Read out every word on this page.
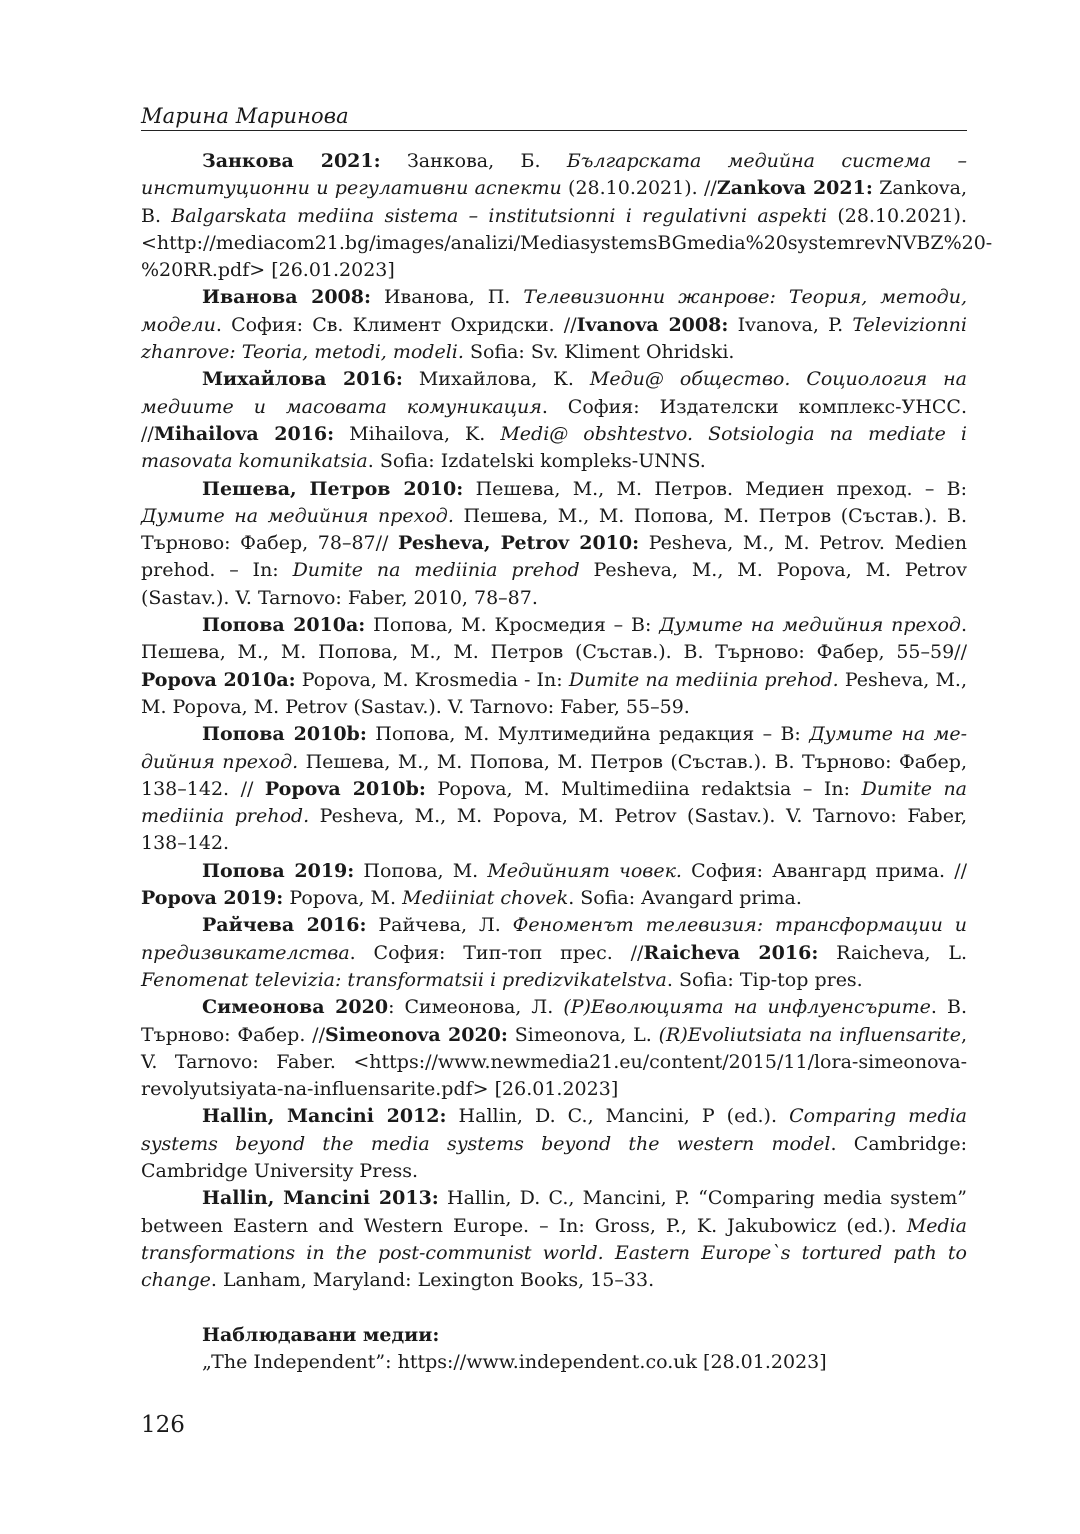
Марина Маринова

Занкова 2021: Занкова, Б. Българската медийна система – институционни и регулативни аспекти (28.10.2021). //Zankova 2021: Zankova, B. Balgarskata mediina sistema – institutsionni i regulativni aspekti (28.10.2021). <http://mediacom21.bg/images/analizi/MediasystemsBGmedia%20systemrevNVBZ%20-%20RR.pdf> [26.01.2023]

Иванова 2008: Иванова, П. Телевизионни жанрове: Теория, методи, модели. София: Св. Климент Охридски. //Ivanova 2008: Ivanova, P. Televizionni zhanrove: Teoria, metodi, modeli. Sofia: Sv. Kliment Ohridski.

Михайлова 2016: Михайлова, К. Меди@ общество. Социология на медиите и масовата комуникация. София: Издателски комплекс-УНСС. //Mihailova 2016: Mihailova, K. Medi@ obshtestvo. Sotsiologia na mediate i masovata komunikatsia. Sofia: Izdatelski kompleks-UNNS.

Пешева, Петров 2010: Пешева, М., М. Петров. Медиен преход. – В: Думите на медийния преход. Пешева, М., М. Попова, М. Петров (Състав.). В. Търново: Фабер, 78–87// Pesheva, Petrov 2010: Pesheva, M., M. Petrov. Medien prehod. – In: Dumite na mediinia prehod Pesheva, M., M. Popova, M. Petrov (Sastav.). V. Tarnovo: Faber, 2010, 78–87.

Попова 2010a: Попова, М. Кросмедия – В: Думите на медийния преход. Пешева, М., М. Попова, М., М. Петров (Състав.). В. Търново: Фабер, 55–59// Popova 2010a: Popova, M. Krosmedia - In: Dumite na mediinia prehod. Pesheva, M., M. Popova, M. Petrov (Sastav.). V. Tarnovo: Faber, 55–59.

Попова 2010b: Попова, М. Мултимедийна редакция – В: Думите на медийния преход. Пешева, М., М. Попова, М. Петров (Състав.). В. Търново: Фабер, 138–142. // Popova 2010b: Popova, M. Multimediina redaktsia – In: Dumite na mediinia prehod. Pesheva, M., M. Popova, M. Petrov (Sastav.). V. Tarnovo: Faber, 138–142.

Попова 2019: Попова, М. Медийният човек. София: Авангард прима. // Popova 2019: Popova, M. Mediiniat chovek. Sofia: Avangard prima.

Райчева 2016: Райчева, Л. Феноменът телевизия: трансформации и предизвикателства. София: Тип-топ прес. //Raicheva 2016: Raicheva, L. Fenomenat televizia: transformatsii i predizvikatelstva. Sofia: Tip-top pres.

Симеонова 2020: Симеонова, Л. (Р)Еволюцията на инфлуенсърите. В. Търново: Фабер. //Simeonova 2020: Simeonova, L. (R)Evoliutsiata na influensarite, V. Tarnovo: Faber. <https://www.newmedia21.eu/content/2015/11/lora-simeonova-revolyutsiyata-na-influensarite.pdf> [26.01.2023]

Hallin, Mancini 2012: Hallin, D. C., Mancini, P (ed.). Comparing media systems beyond the media systems beyond the western model. Cambridge: Cambridge University Press.

Hallin, Mancini 2013: Hallin, D. C., Mancini, P. “Comparing media system” between Eastern and Western Europe. – In: Gross, P., K. Jakubowicz (ed.). Media transformations in the post-communist world. Eastern Europe`s tortured path to change. Lanham, Maryland: Lexington Books, 15–33.

Наблюдавани медии:
„The Independent”: https://www.independent.co.uk [28.01.2023]
126
